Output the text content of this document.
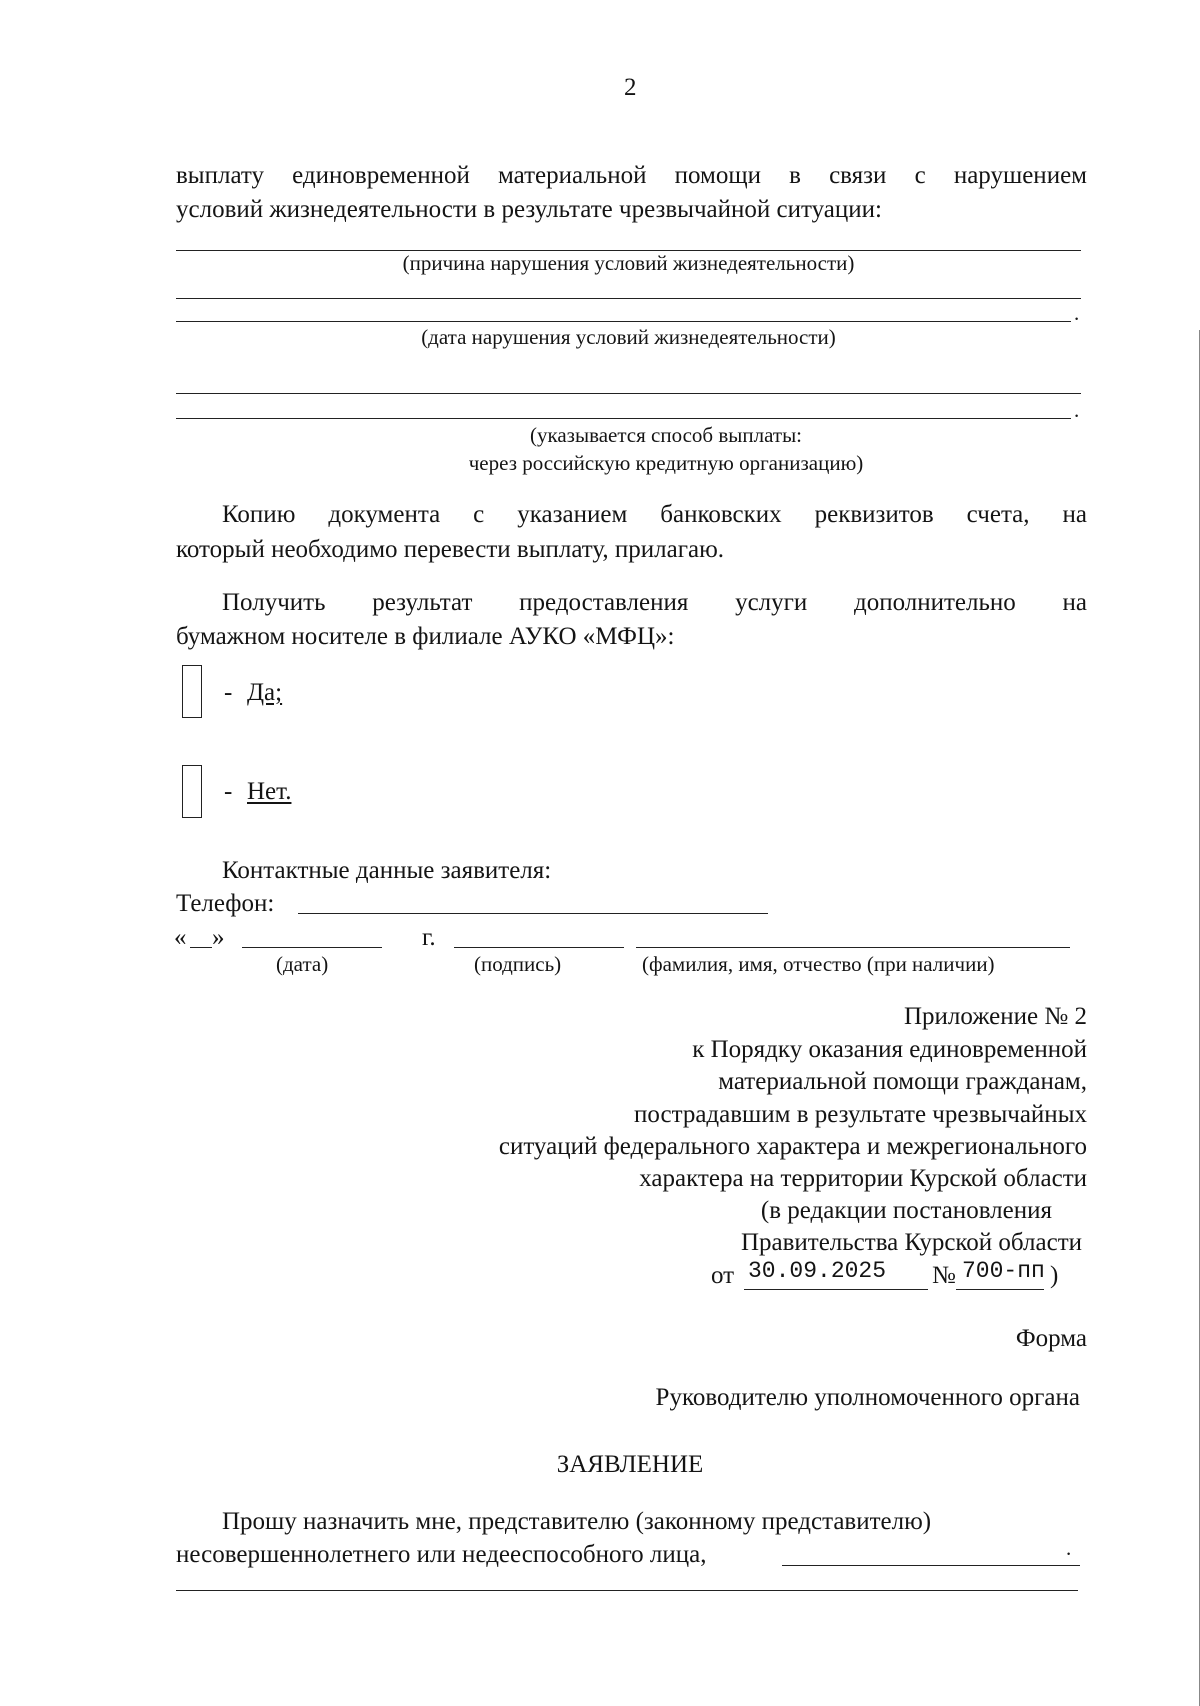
2
выплату единовременной материальной помощи в связи с нарушением
условий жизнедеятельности в результате чрезвычайной ситуации:
(причина нарушения условий жизнедеятельности)
.
(дата нарушения условий жизнедеятельности)
.
(указывается способ выплаты:
через российскую кредитную организацию)
Копию документа с указанием банковских реквизитов счета, на
который необходимо перевести выплату, прилагаю.
Получить результат предоставления услуги дополнительно на
бумажном носителе в филиале АУКО «МФЦ»:
- Да;
- Нет.
Контактные данные заявителя:
Телефон:
« »	г.
(дата)	(подпись)	(фамилия, имя, отчество (при наличии)
Приложение № 2
к Порядку оказания единовременной
материальной помощи гражданам,
пострадавшим в результате чрезвычайных
ситуаций федерального характера и межрегионального
характера на территории Курской области
(в редакции постановления
Правительства Курской области
от 30.09.2025 № 700-пп )
Форма
Руководителю уполномоченного органа
ЗАЯВЛЕНИЕ
Прошу назначить мне, представителю (законному представителю)
несовершеннолетнего или недееспособного лица,	.
